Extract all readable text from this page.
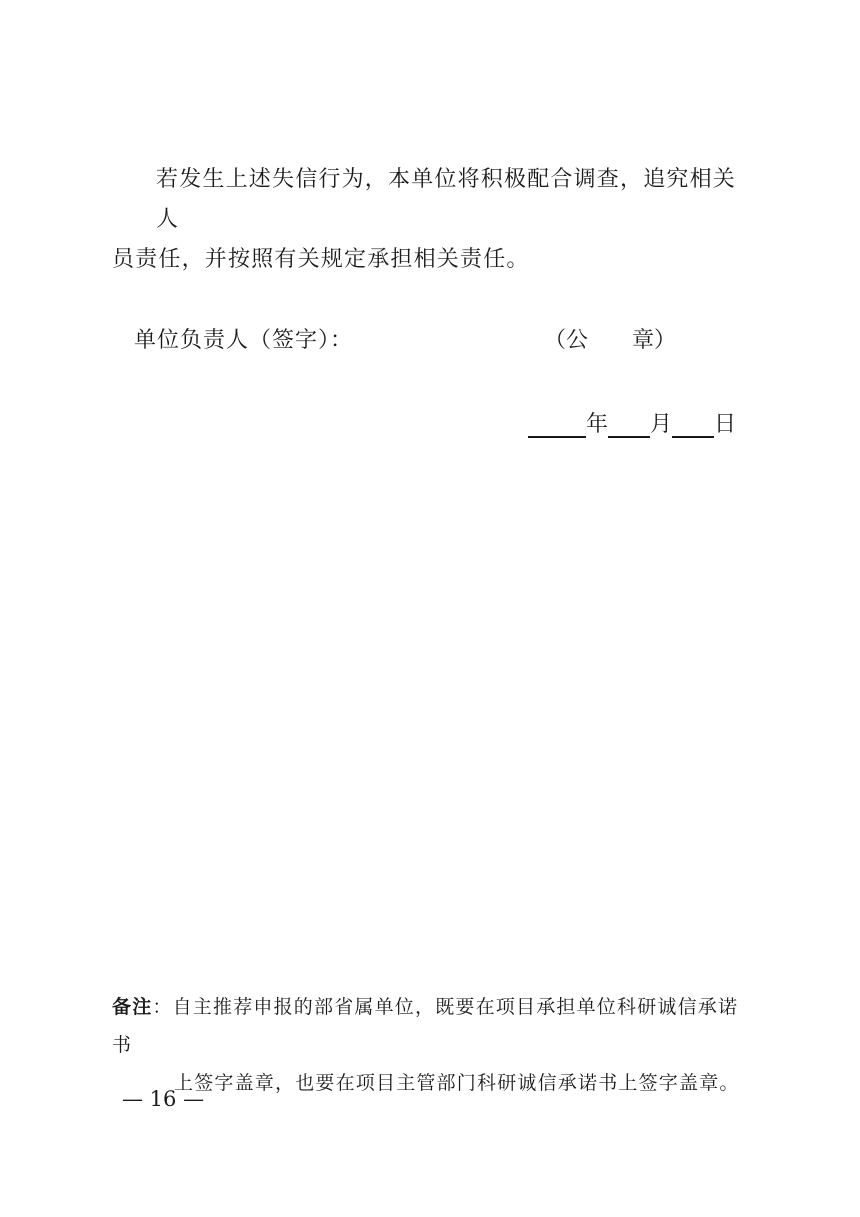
若发生上述失信行为，本单位将积极配合调查，追究相关人
员责任，并按照有关规定承担相关责任。
单位负责人（签字）：	（公　　章）
年 月 日
备注：自主推荐申报的部省属单位，既要在项目承担单位科研诚信承诺书
上签字盖章，也要在项目主管部门科研诚信承诺书上签字盖章。
— 16 —
